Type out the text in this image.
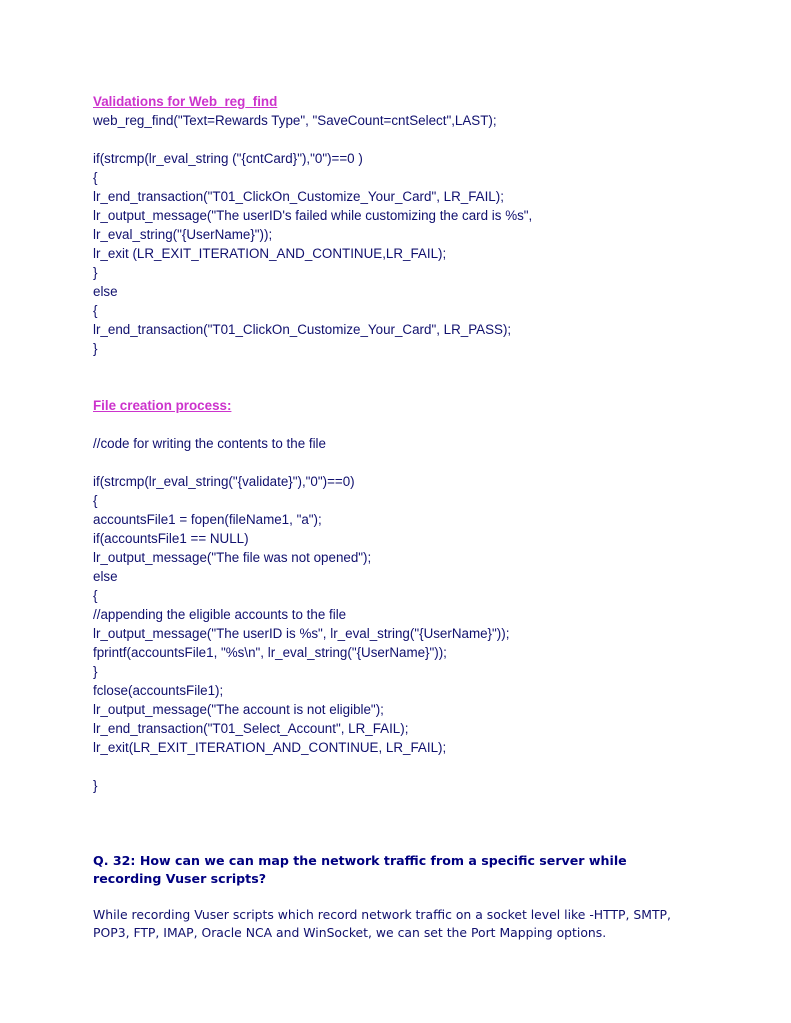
Validations for Web_reg_find
web_reg_find("Text=Rewards Type", "SaveCount=cntSelect",LAST);
if(strcmp(lr_eval_string ("{cntCard}"),"0")==0 )
{
lr_end_transaction("T01_ClickOn_Customize_Your_Card", LR_FAIL);
lr_output_message("The userID's failed while customizing the card is %s",
lr_eval_string("{UserName}"));
lr_exit (LR_EXIT_ITERATION_AND_CONTINUE,LR_FAIL);
}
else
{
lr_end_transaction("T01_ClickOn_Customize_Your_Card", LR_PASS);
}
File creation process:
//code for writing the contents to the file
if(strcmp(lr_eval_string("{validate}"),"0")==0)
{
accountsFile1 = fopen(fileName1, "a");
if(accountsFile1 == NULL)
lr_output_message("The file was not opened");
else
{
//appending the eligible accounts to the file
lr_output_message("The userID is %s", lr_eval_string("{UserName}"));
fprintf(accountsFile1, "%s\n", lr_eval_string("{UserName}"));
}
fclose(accountsFile1);
lr_output_message("The account is not eligible");
lr_end_transaction("T01_Select_Account", LR_FAIL);
lr_exit(LR_EXIT_ITERATION_AND_CONTINUE, LR_FAIL);
}

Q. 32: How can we can map the network traffic from a specific server while recording Vuser scripts?

While recording Vuser scripts which record network traffic on a socket level like -HTTP, SMTP, POP3, FTP, IMAP, Oracle NCA and WinSocket, we can set the Port Mapping options.
